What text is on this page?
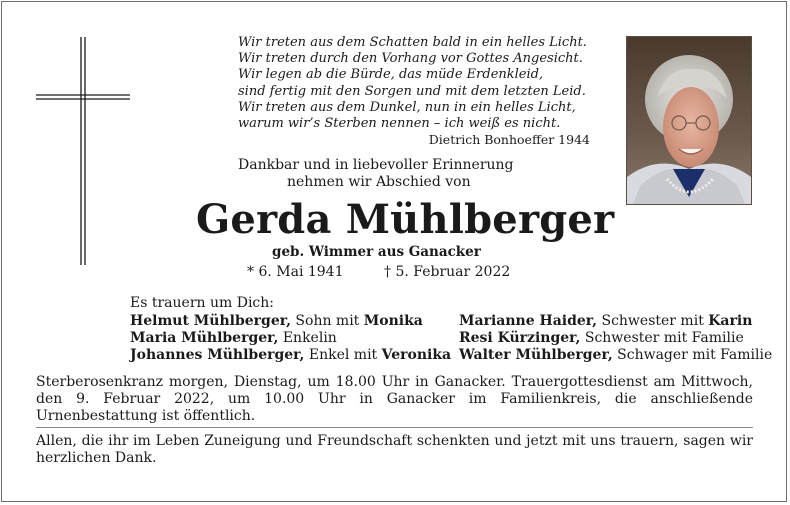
Wir treten aus dem Schatten bald in ein helles Licht.
Wir treten durch den Vorhang vor Gottes Angesicht.
Wir legen ab die Bürde, das müde Erdenkleid,
sind fertig mit den Sorgen und mit dem letzten Leid.
Wir treten aus dem Dunkel, nun in ein helles Licht,
warum wir’s Sterben nennen – ich weiß es nicht.
Dietrich Bonhoeffer 1944
Dankbar und in liebevoller Erinnerung
nehmen wir Abschied von
Gerda Mühlberger
geb. Wimmer aus Ganacker
* 6. Mai 1941	† 5. Februar 2022
Es trauern um Dich:
Helmut Mühlberger, Sohn mit Monika
Maria Mühlberger, Enkelin
Johannes Mühlberger, Enkel mit Veronika
Marianne Haider, Schwester mit Karin
Resi Kürzinger, Schwester mit Familie
Walter Mühlberger, Schwager mit Familie
Sterberosenkranz morgen, Dienstag, um 18.00 Uhr in Ganacker. Trauergottesdienst am Mittwoch, den 9. Februar 2022, um 10.00 Uhr in Ganacker im Familienkreis, die anschließende Urnenbestattung ist öffentlich.
Allen, die ihr im Leben Zuneigung und Freundschaft schenkten und jetzt mit uns trauern, sagen wir herzlichen Dank.
